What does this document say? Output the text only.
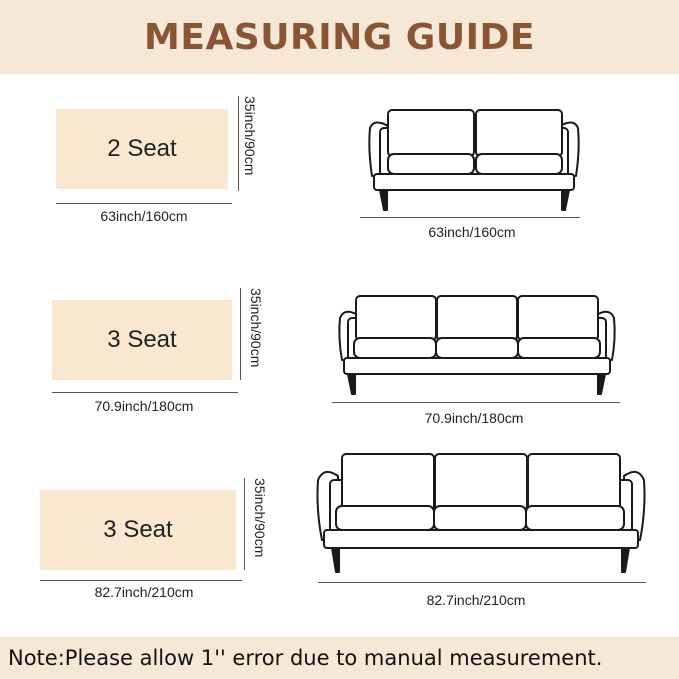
MEASURING GUIDE
2 Seat	35inch/90cm
63inch/160cm
63inch/160cm
3 Seat	35inch/90cm
70.9inch/180cm
70.9inch/180cm
3 Seat	35inch/90cm
82.7inch/210cm	82.7inch/210cm
Note:Please allow 1'' error due to manual measurement.
